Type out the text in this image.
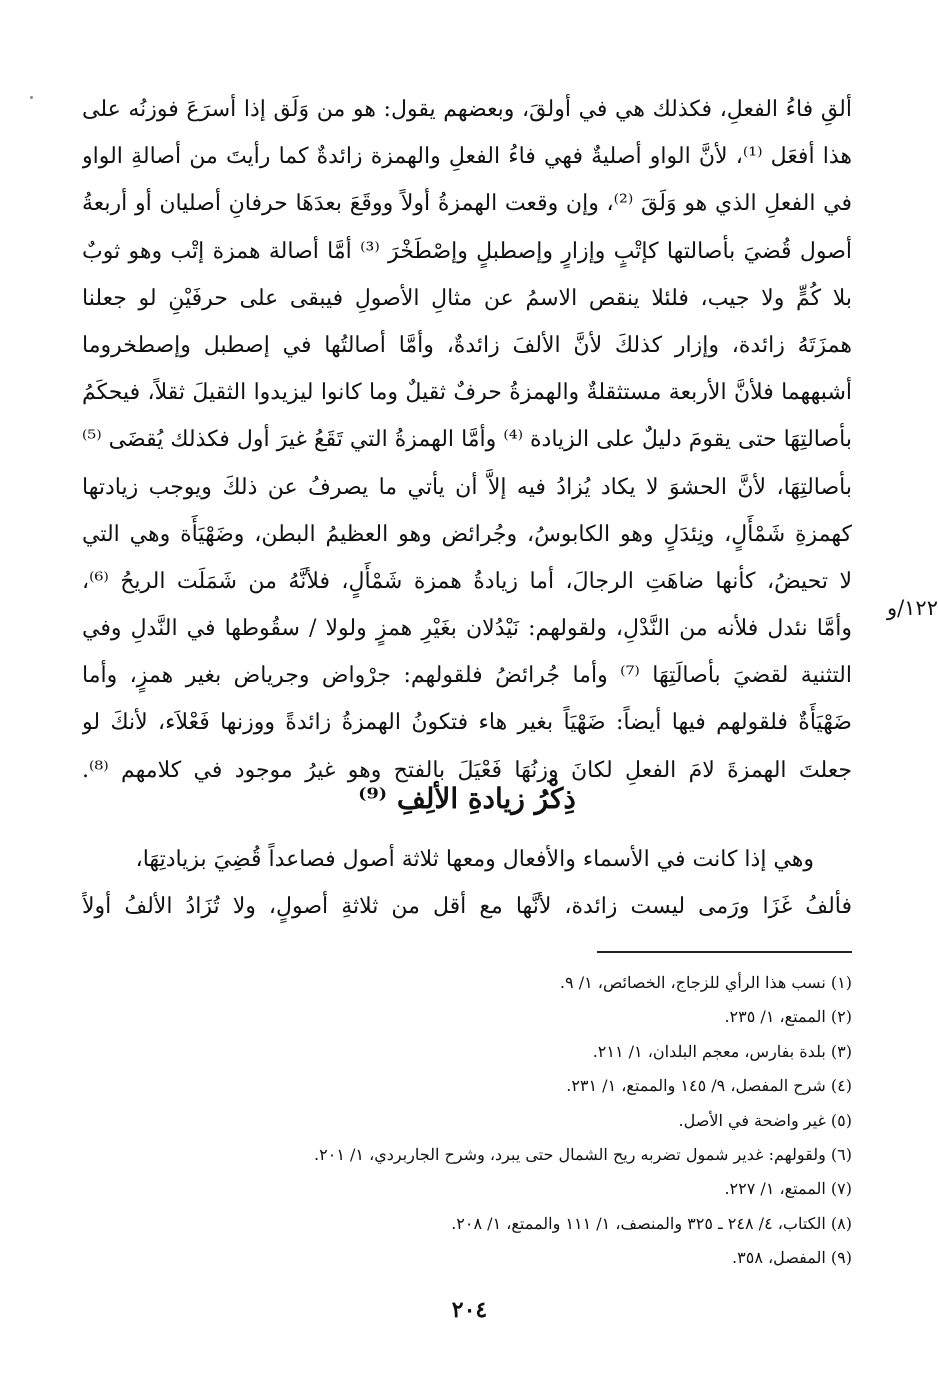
ألقِ فاءُ الفعلِ، فكذلك هي في أولقَ، وبعضهم يقول: هو من وَلَق إذا أسرَعَ فوزنُه على
هذا أفعَل ⁽¹⁾، لأنَّ الواو أصليةٌ فهي فاءُ الفعلِ والهمزة زائدةٌ كما رأيتَ من أصالةِ الواو
في الفعلِ الذي هو وَلَقَ ⁽²⁾، وإن وقعت الهمزةُ أولاً ووقَعَ بعدَهَا حرفانِ أصليان أو أربعةُ
أصول قُضيَ بأصالتها كإتْبٍ وإزارٍ وإصطبلٍ وإصْطَخْرَ ⁽³⁾ أمَّا أصالة همزة إتْب وهو ثوبٌ
بلا كُمٍّ ولا جيب، فلئلا ينقص الاسمُ عن مثالِ الأصولِ فيبقى على حرفَيْنِ لو جعلنا
همزَتَهُ زائدة، وإزار كذلكَ لأنَّ الألفَ زائدةٌ، وأمَّا أصالتُها في إصطبل وإصطخروما
أشبههما فلأنَّ الأربعة مستثقلةٌ والهمزةُ حرفٌ ثقيلٌ وما كانوا ليزيدوا الثقيلَ ثقلاً، فيحكَمُ
بأصالتِهَا حتى يقومَ دليلٌ على الزيادة ⁽⁴⁾ وأمَّا الهمزةُ التي تَقَعُ غيرَ أول فكذلك يُقضَى ⁽⁵⁾
بأصالتِهَا، لأنَّ الحشوَ لا يكاد يُزادُ فيه إلاَّ أن يأتي ما يصرفُ عن ذلكَ ويوجب زيادتها
كهمزةِ شَمْأَلٍ، ونِئدَلٍ وهو الكابوسُ، وجُرائض وهو العظيمُ البطن، وضَهْيَأَة وهي التي
لا تحيضُ، كأنها ضاهَتِ الرجالَ، أما زيادةُ همزة شَمْأَلٍ، فلأنَّهُ من شَمَلَت الريحُ ⁽⁶⁾،
وأمَّا نئدل فلأنه من النَّدْلِ، ولقولهم: نَيْدُلان بغَيْرِ همزٍ ولولا / سقُوطها في النَّدلِ وفي
التثنية لقضيَ بأصالَتِهَا ⁽⁷⁾ وأما جُرائضُ فلقولهم: جرْواض وجرياض بغير همزٍ، وأما
ضَهْيَأَةٌ فلقولهم فيها أيضاً: ضَهْيَاً بغير هاء فتكونُ الهمزةُ زائدةً ووزنها فَعْلاَء، لأنكَ لو
جعلتَ الهمزةَ لامَ الفعلِ لكانَ وزنُهَا فَعْيَلَ بالفتح وهو غيرُ موجود في كلامهم ⁽⁸⁾.
١٢٢/و
ذِكْرُ زيادةِ الألِفِ ⁽⁹⁾
وهي إذا كانت في الأسماء والأفعال ومعها ثلاثة أصول فصاعداً قُضِيَ بزيادتِهَا،
فألفُ غَزَا ورَمى ليست زائدة، لأنَّها مع أقل من ثلاثةِ أصولٍ، ولا تُزَادُ الألفُ أولاً
(١) نسب هذا الرأي للزجاج، الخصائص، ١/ ٩.
(٢) الممتع، ١/ ٢٣٥.
(٣) بلدة بفارس، معجم البلدان، ١/ ٢١١.
(٤) شرح المفصل، ٩/ ١٤٥ والممتع، ١/ ٢٣١.
(٥) غير واضحة في الأصل.
(٦) ولقولهم: غدير شمول تضربه ريح الشمال حتى يبرد، وشرح الجاربردي، ١/ ٢٠١.
(٧) الممتع، ١/ ٢٢٧.
(٨) الكتاب، ٤/ ٢٤٨ ـ ٣٢٥ والمنصف، ١/ ١١١ والممتع، ١/ ٢٠٨.
(٩) المفصل، ٣٥٨.
٢٠٤
